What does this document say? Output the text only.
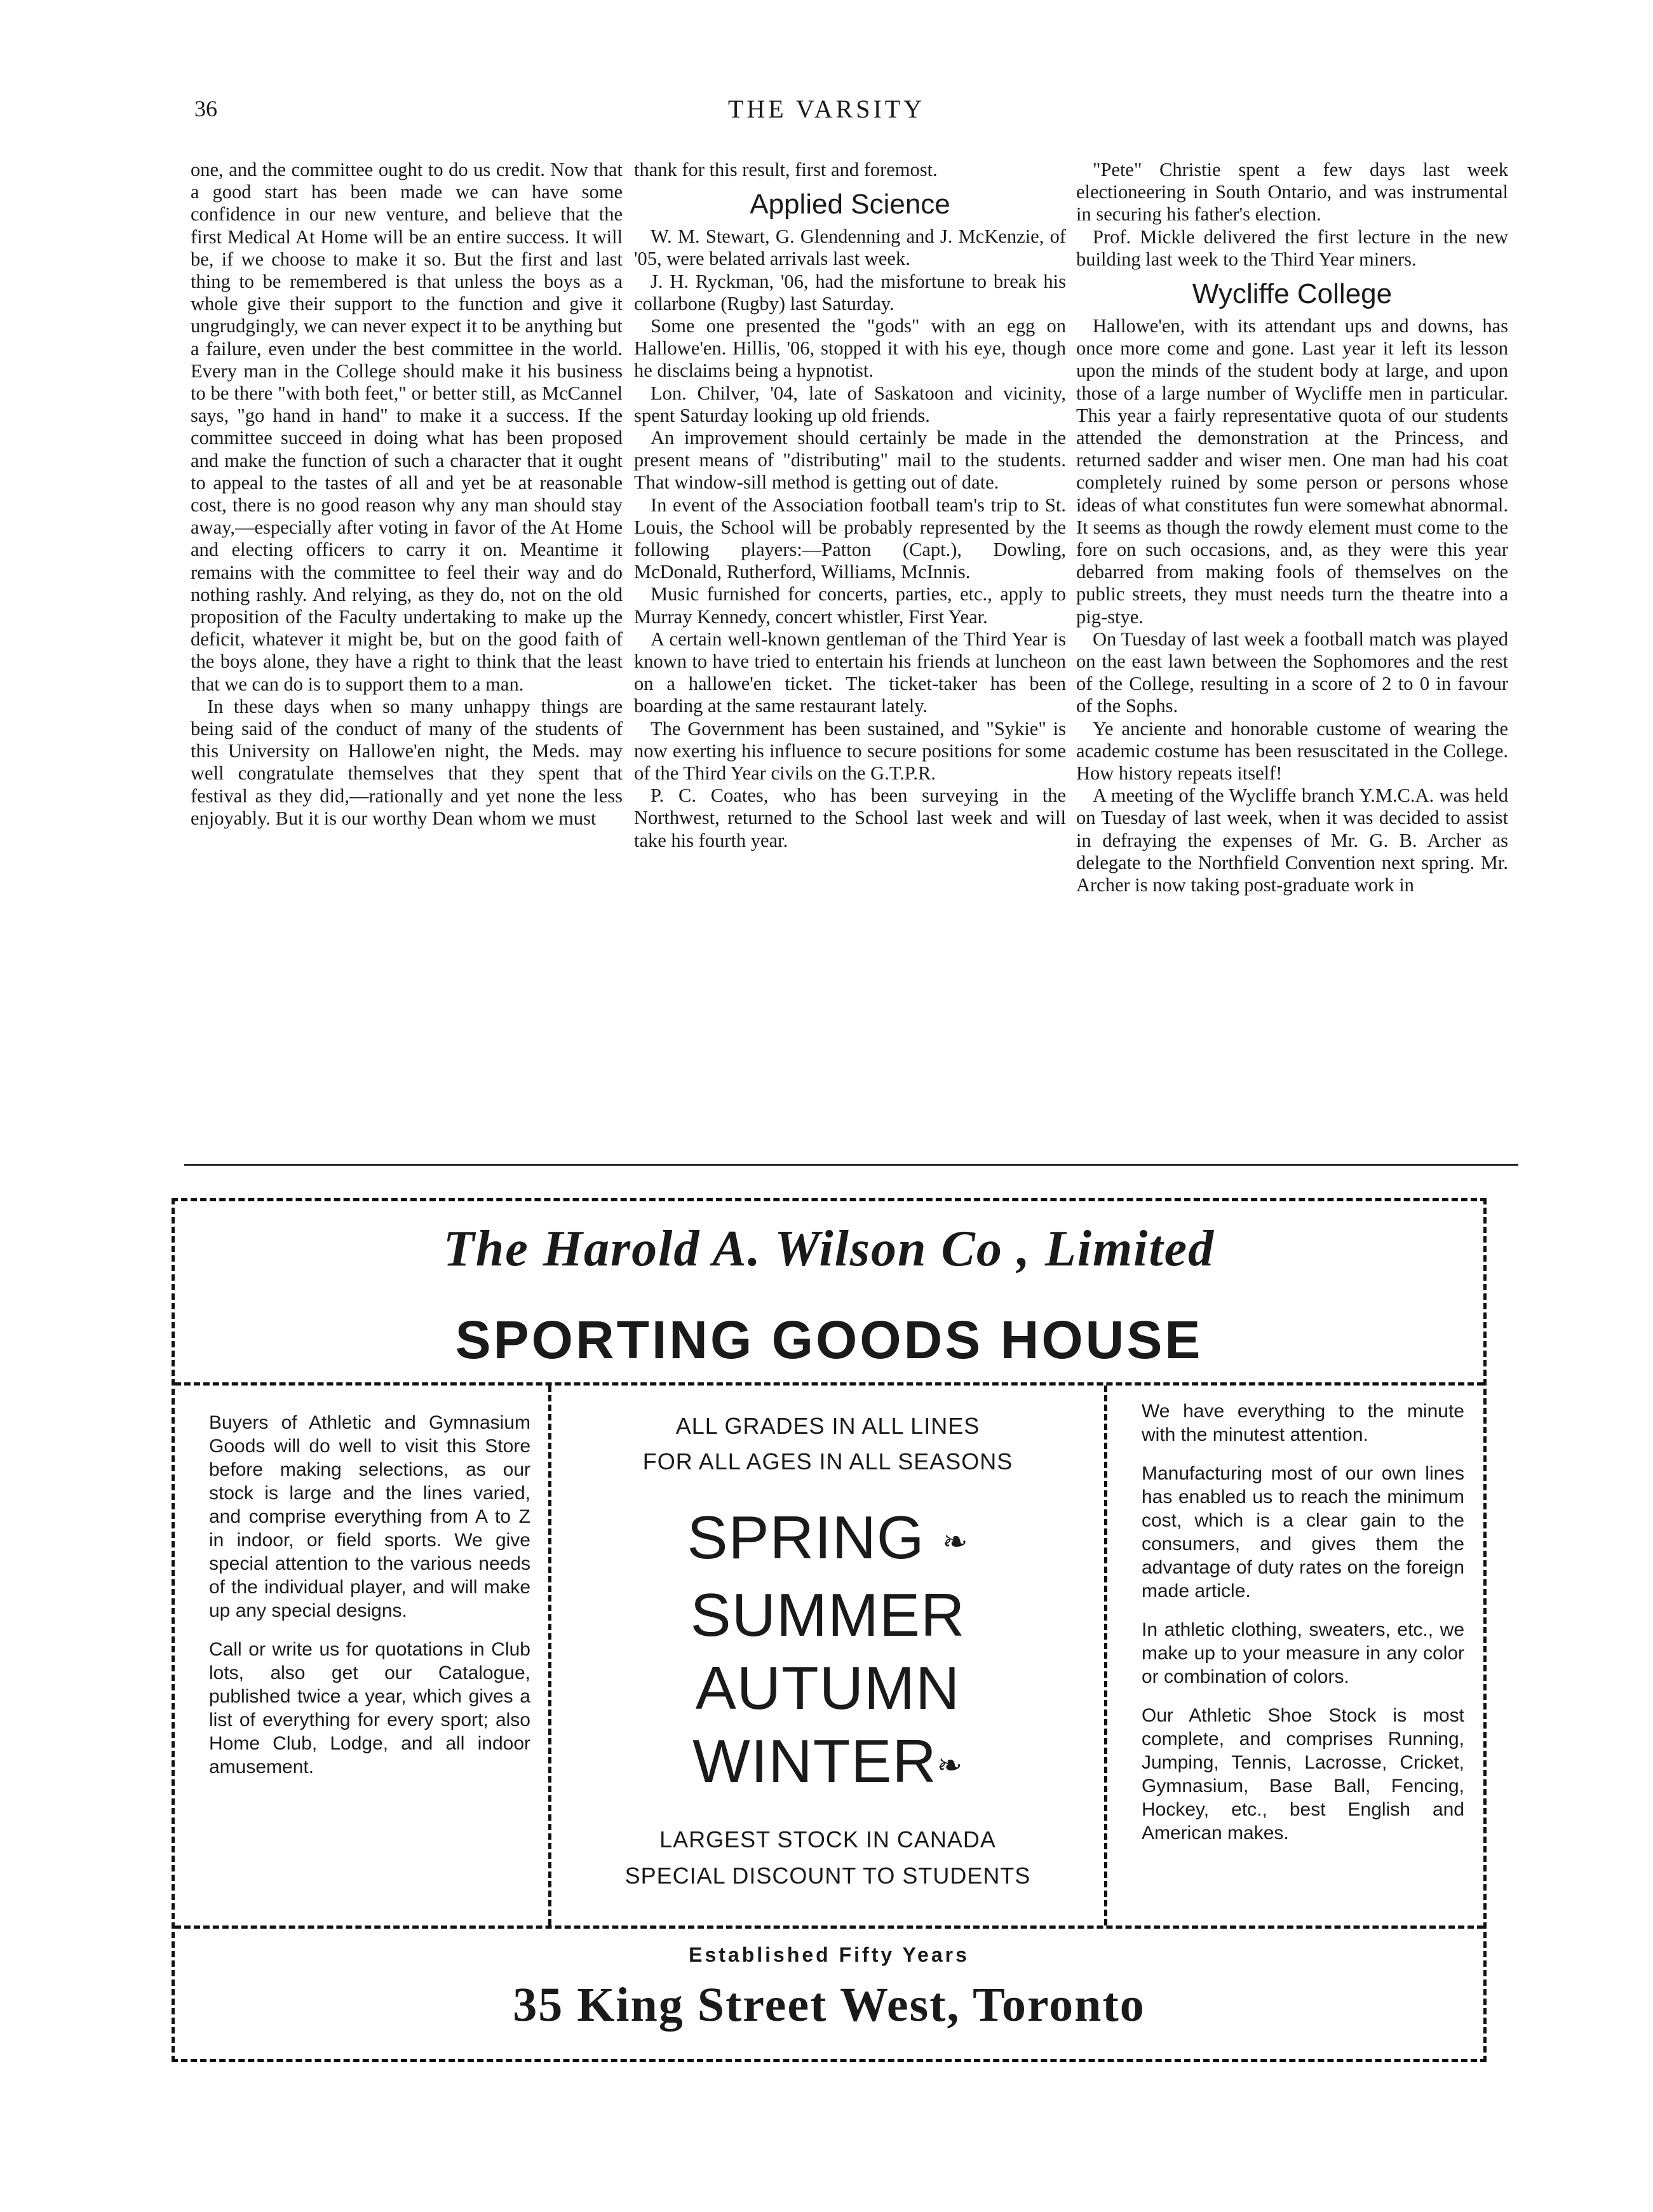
36	THE VARSITY

one, and the committee ought to do us credit. Now that a good start has been made we can have some confidence in our new venture, and believe that the first Medical At Home will be an entire success. It will be, if we choose to make it so. But the first and last thing to be remembered is that unless the boys as a whole give their support to the function and give it ungrudgingly, we can never expect it to be anything but a failure, even under the best committee in the world. Every man in the College should make it his business to be there "with both feet," or better still, as McCannel says, "go hand in hand" to make it a success. If the committee succeed in doing what has been proposed and make the function of such a character that it ought to appeal to the tastes of all and yet be at reasonable cost, there is no good reason why any man should stay away,—especially after voting in favor of the At Home and electing officers to carry it on. Meantime it remains with the committee to feel their way and do nothing rashly. And relying, as they do, not on the old proposition of the Faculty undertaking to make up the deficit, whatever it might be, but on the good faith of the boys alone, they have a right to think that the least that we can do is to support them to a man.

In these days when so many unhappy things are being said of the conduct of many of the students of this University on Hallowe'en night, the Meds. may well congratulate themselves that they spent that festival as they did,—rationally and yet none the less enjoyably. But it is our worthy Dean whom we must

thank for this result, first and foremost.

Applied Science

W. M. Stewart, G. Glendenning and J. McKenzie, of '05, were belated arrivals last week.

J. H. Ryckman, '06, had the misfortune to break his collarbone (Rugby) last Saturday.

Some one presented the "gods" with an egg on Hallowe'en. Hillis, '06, stopped it with his eye, though he disclaims being a hypnotist.

Lon. Chilver, '04, late of Saskatoon and vicinity, spent Saturday looking up old friends.

An improvement should certainly be made in the present means of "distributing" mail to the students. That window-sill method is getting out of date.

In event of the Association football team's trip to St. Louis, the School will be probably represented by the following players:—Patton (Capt.), Dowling, McDonald, Rutherford, Williams, McInnis.

Music furnished for concerts, parties, etc., apply to Murray Kennedy, concert whistler, First Year.

A certain well-known gentleman of the Third Year is known to have tried to entertain his friends at luncheon on a hallowe'en ticket. The ticket-taker has been boarding at the same restaurant lately.

The Government has been sustained, and "Sykie" is now exerting his influence to secure positions for some of the Third Year civils on the G.T.P.R.

P. C. Coates, who has been surveying in the Northwest, returned to the School last week and will take his fourth year.

"Pete" Christie spent a few days last week electioneering in South Ontario, and was instrumental in securing his father's election.

Prof. Mickle delivered the first lecture in the new building last week to the Third Year miners.

Wycliffe College

Hallowe'en, with its attendant ups and downs, has once more come and gone. Last year it left its lesson upon the minds of the student body at large, and upon those of a large number of Wycliffe men in particular. This year a fairly representative quota of our students attended the demonstration at the Princess, and returned sadder and wiser men. One man had his coat completely ruined by some person or persons whose ideas of what constitutes fun were somewhat abnormal. It seems as though the rowdy element must come to the fore on such occasions, and, as they were this year debarred from making fools of themselves on the public streets, they must needs turn the theatre into a pig-stye.

On Tuesday of last week a football match was played on the east lawn between the Sophomores and the rest of the College, resulting in a score of 2 to 0 in favour of the Sophs.

Ye anciente and honorable custome of wearing the academic costume has been resuscitated in the College. How history repeats itself!

A meeting of the Wycliffe branch Y.M.C.A. was held on Tuesday of last week, when it was decided to assist in defraying the expenses of Mr. G. B. Archer as delegate to the Northfield Convention next spring. Mr. Archer is now taking post-graduate work in

The Harold A. Wilson Co , Limited
SPORTING GOODS HOUSE

Buyers of Athletic and Gymnasium Goods will do well to visit this Store before making selections, as our stock is large and the lines varied, and comprise everything from A to Z in indoor, or field sports. We give special attention to the various needs of the individual player, and will make up any special designs.

Call or write us for quotations in Club lots, also get our Catalogue, published twice a year, which gives a list of everything for every sport; also Home Club, Lodge, and all indoor amusement.

ALL GRADES IN ALL LINES
FOR ALL AGES IN ALL SEASONS
SPRING ❧
SUMMER
AUTUMN
WINTER❧
LARGEST STOCK IN CANADA
SPECIAL DISCOUNT TO STUDENTS

We have everything to the minute with the minutest attention.

Manufacturing most of our own lines has enabled us to reach the minimum cost, which is a clear gain to the consumers, and gives them the advantage of duty rates on the foreign made article.

In athletic clothing, sweaters, etc., we make up to your measure in any color or combination of colors.

Our Athletic Shoe Stock is most complete, and comprises Running, Jumping, Tennis, Lacrosse, Cricket, Gymnasium, Base Ball, Fencing, Hockey, etc., best English and American makes.

Established Fifty Years
35 King Street West, Toronto
